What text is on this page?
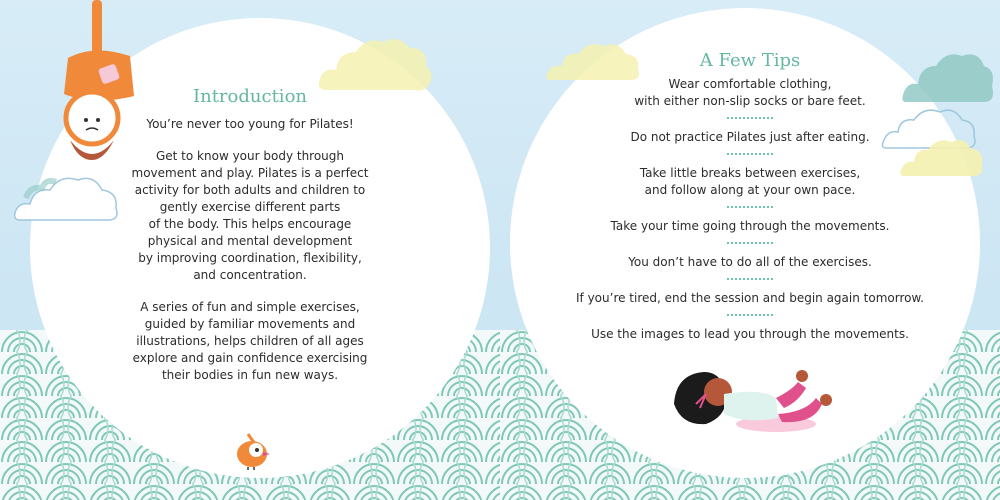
Introduction

You’re never too young for Pilates!

Get to know your body through
movement and play. Pilates is a perfect
activity for both adults and children to
gently exercise different parts
of the body. This helps encourage
physical and mental development
by improving coordination, flexibility,
and concentration.

A series of fun and simple exercises,
guided by familiar movements and
illustrations, helps children of all ages
explore and gain confidence exercising
their bodies in fun new ways.

A Few Tips

Wear comfortable clothing,
with either non-slip socks or bare feet.

Do not practice Pilates just after eating.

Take little breaks between exercises,
and follow along at your own pace.

Take your time going through the movements.

You don’t have to do all of the exercises.

If you’re tired, end the session and begin again tomorrow.

Use the images to lead you through the movements.
